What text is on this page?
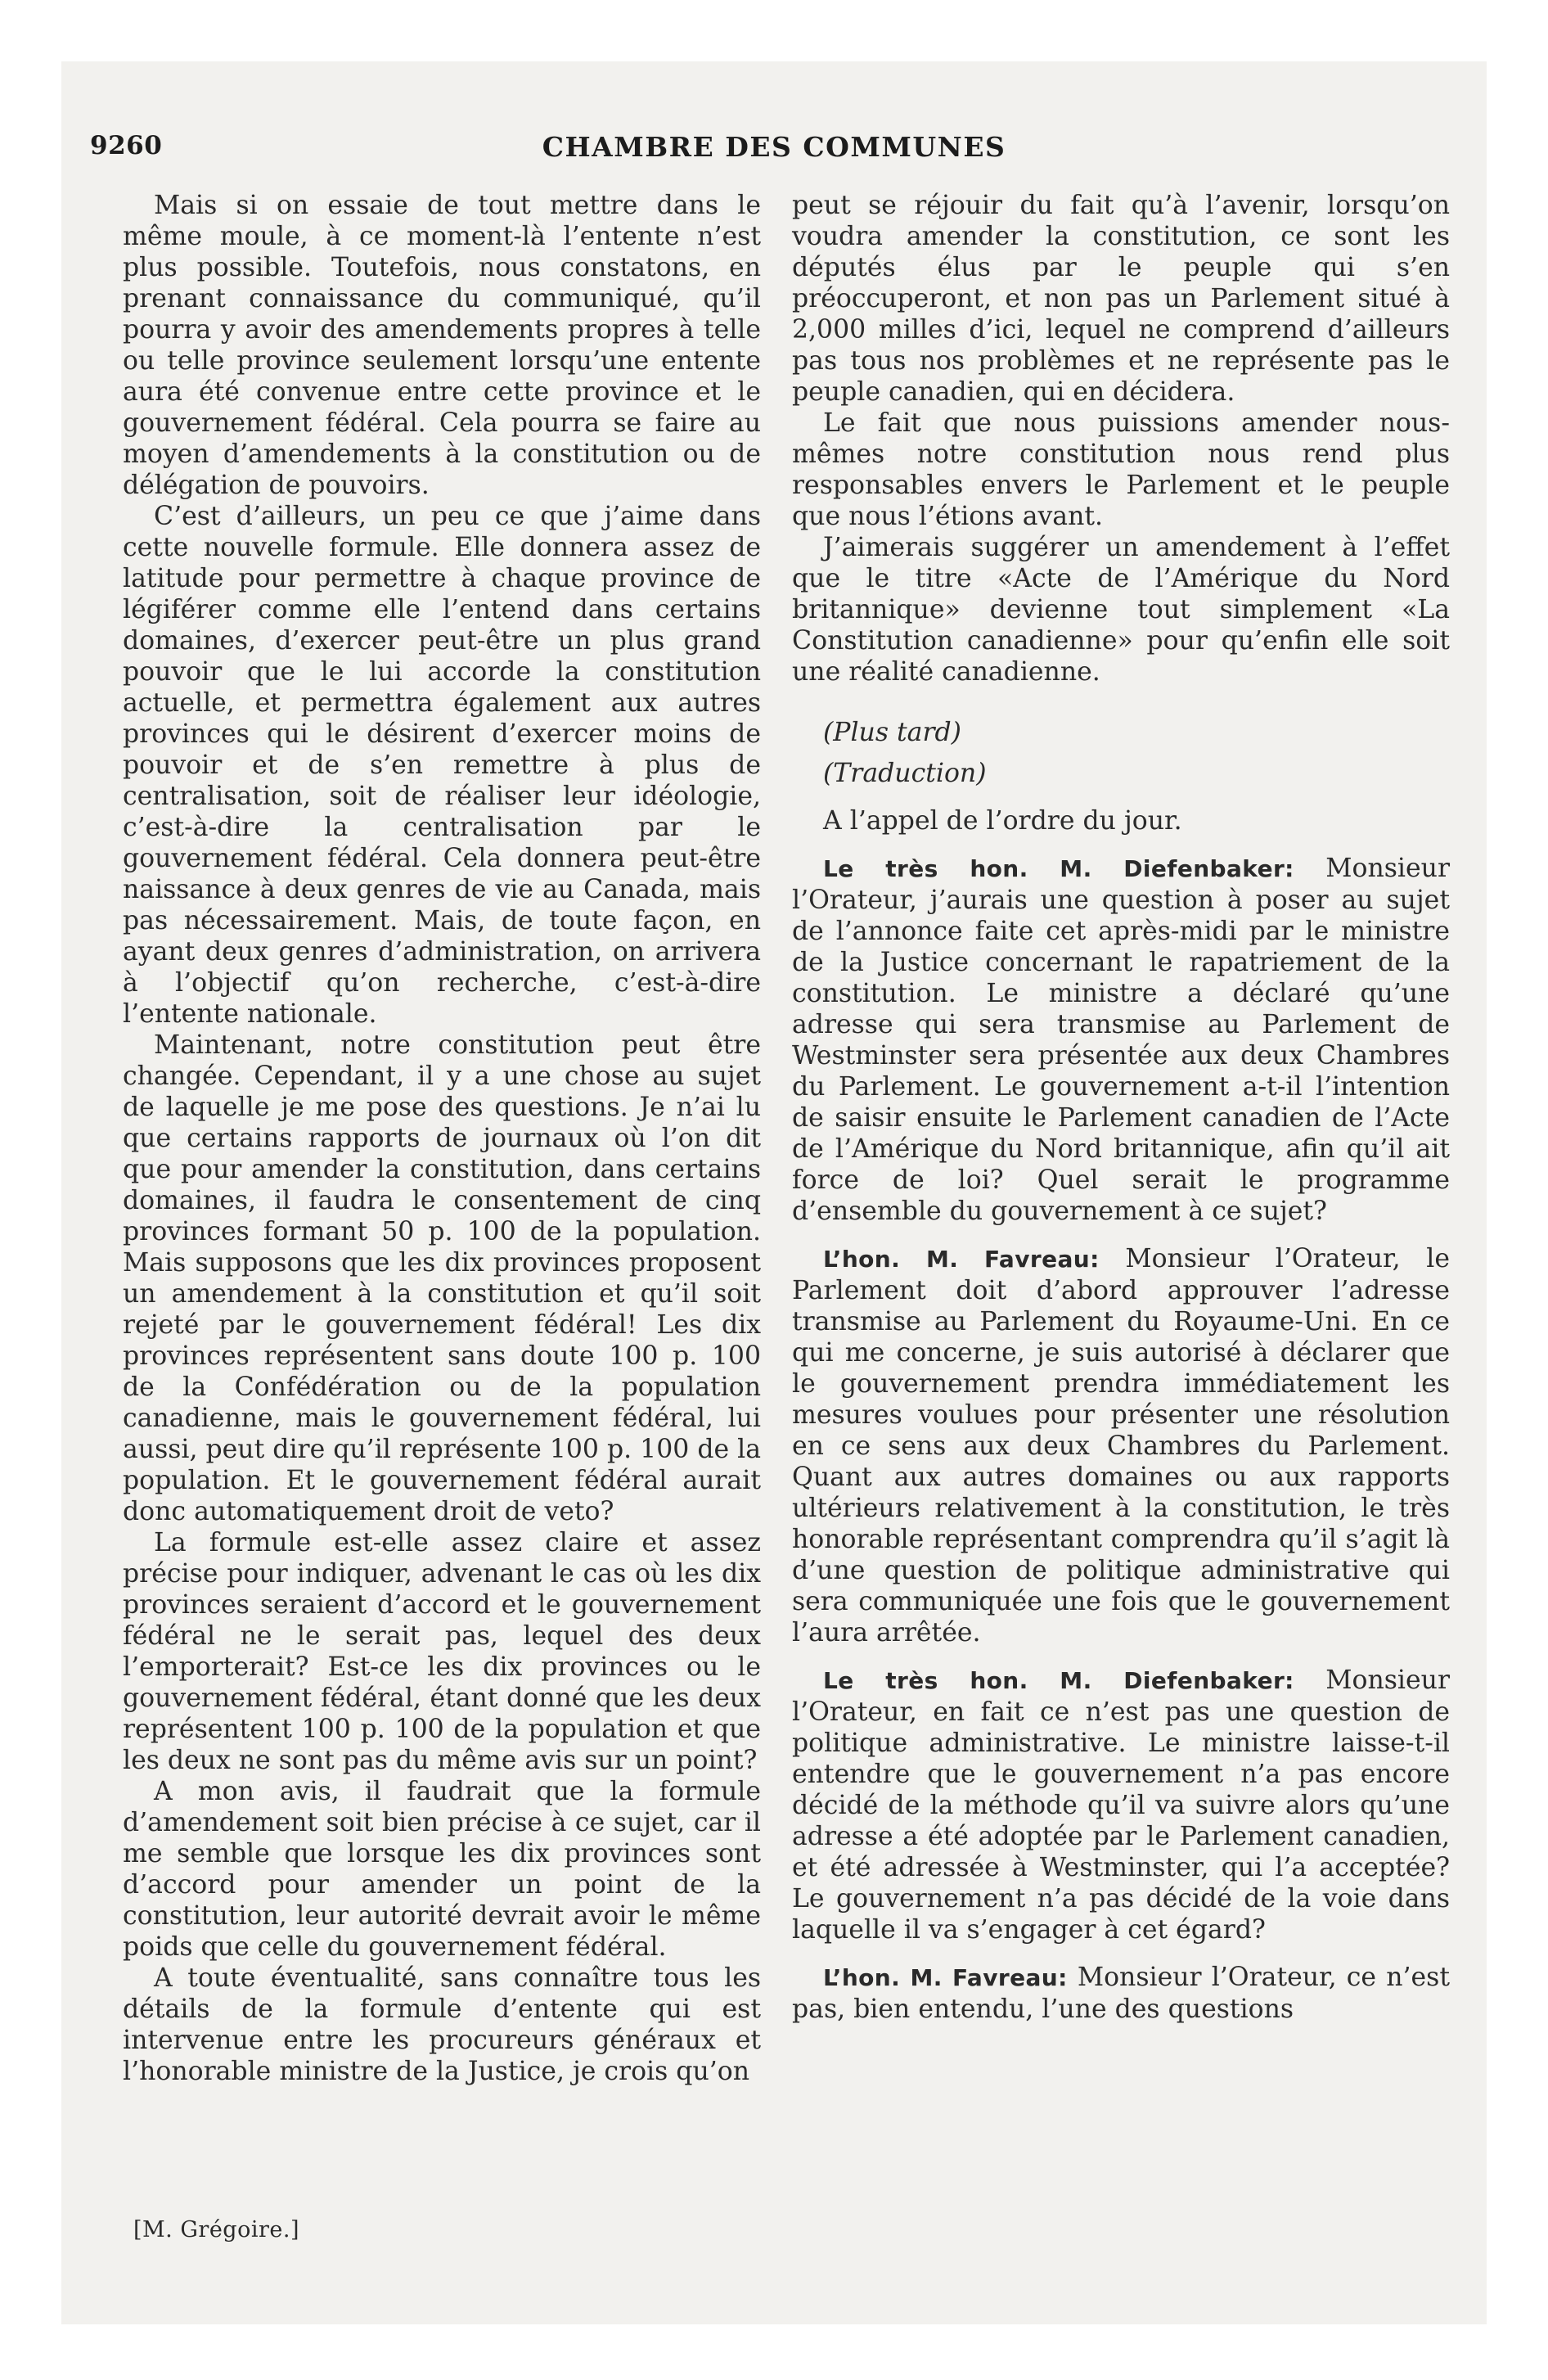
9260	CHAMBRE DES COMMUNES

Mais si on essaie de tout mettre dans le même moule, à ce moment-là l’entente n’est plus possible. Toutefois, nous constatons, en prenant connaissance du communiqué, qu’il pourra y avoir des amendements propres à telle ou telle province seulement lorsqu’une entente aura été convenue entre cette province et le gouvernement fédéral. Cela pourra se faire au moyen d’amendements à la constitution ou de délégation de pouvoirs.

C’est d’ailleurs, un peu ce que j’aime dans cette nouvelle formule. Elle donnera assez de latitude pour permettre à chaque province de légiférer comme elle l’entend dans certains domaines, d’exercer peut-être un plus grand pouvoir que le lui accorde la constitution actuelle, et permettra également aux autres provinces qui le désirent d’exercer moins de pouvoir et de s’en remettre à plus de centralisation, soit de réaliser leur idéologie, c’est-à-dire la centralisation par le gouvernement fédéral. Cela donnera peut-être naissance à deux genres de vie au Canada, mais pas nécessairement. Mais, de toute façon, en ayant deux genres d’administration, on arrivera à l’objectif qu’on recherche, c’est-à-dire l’entente nationale.

Maintenant, notre constitution peut être changée. Cependant, il y a une chose au sujet de laquelle je me pose des questions. Je n’ai lu que certains rapports de journaux où l’on dit que pour amender la constitution, dans certains domaines, il faudra le consentement de cinq provinces formant 50 p. 100 de la population. Mais supposons que les dix provinces proposent un amendement à la constitution et qu’il soit rejeté par le gouvernement fédéral! Les dix provinces représentent sans doute 100 p. 100 de la Confédération ou de la population canadienne, mais le gouvernement fédéral, lui aussi, peut dire qu’il représente 100 p. 100 de la population. Et le gouvernement fédéral aurait donc automatiquement droit de veto?

La formule est-elle assez claire et assez précise pour indiquer, advenant le cas où les dix provinces seraient d’accord et le gouvernement fédéral ne le serait pas, lequel des deux l’emporterait? Est-ce les dix provinces ou le gouvernement fédéral, étant donné que les deux représentent 100 p. 100 de la population et que les deux ne sont pas du même avis sur un point?

A mon avis, il faudrait que la formule d’amendement soit bien précise à ce sujet, car il me semble que lorsque les dix provinces sont d’accord pour amender un point de la constitution, leur autorité devrait avoir le même poids que celle du gouvernement fédéral.

A toute éventualité, sans connaître tous les détails de la formule d’entente qui est intervenue entre les procureurs généraux et l’honorable ministre de la Justice, je crois qu’on

[M. Grégoire.]

peut se réjouir du fait qu’à l’avenir, lorsqu’on voudra amender la constitution, ce sont les députés élus par le peuple qui s’en préoccuperont, et non pas un Parlement situé à 2,000 milles d’ici, lequel ne comprend d’ailleurs pas tous nos problèmes et ne représente pas le peuple canadien, qui en décidera.

Le fait que nous puissions amender nous-mêmes notre constitution nous rend plus responsables envers le Parlement et le peuple que nous l’étions avant.

J’aimerais suggérer un amendement à l’effet que le titre «Acte de l’Amérique du Nord britannique» devienne tout simplement «La Constitution canadienne» pour qu’enfin elle soit une réalité canadienne.

(Plus tard)

(Traduction)

A l’appel de l’ordre du jour.

Le très hon. M. Diefenbaker: Monsieur l’Orateur, j’aurais une question à poser au sujet de l’annonce faite cet après-midi par le ministre de la Justice concernant le rapatriement de la constitution. Le ministre a déclaré qu’une adresse qui sera transmise au Parlement de Westminster sera présentée aux deux Chambres du Parlement. Le gouvernement a-t-il l’intention de saisir ensuite le Parlement canadien de l’Acte de l’Amérique du Nord britannique, afin qu’il ait force de loi? Quel serait le programme d’ensemble du gouvernement à ce sujet?

L’hon. M. Favreau: Monsieur l’Orateur, le Parlement doit d’abord approuver l’adresse transmise au Parlement du Royaume-Uni. En ce qui me concerne, je suis autorisé à déclarer que le gouvernement prendra immédiatement les mesures voulues pour présenter une résolution en ce sens aux deux Chambres du Parlement. Quant aux autres domaines ou aux rapports ultérieurs relativement à la constitution, le très honorable représentant comprendra qu’il s’agit là d’une question de politique administrative qui sera communiquée une fois que le gouvernement l’aura arrêtée.

Le très hon. M. Diefenbaker: Monsieur l’Orateur, en fait ce n’est pas une question de politique administrative. Le ministre laisse-t-il entendre que le gouvernement n’a pas encore décidé de la méthode qu’il va suivre alors qu’une adresse a été adoptée par le Parlement canadien, et été adressée à Westminster, qui l’a acceptée? Le gouvernement n’a pas décidé de la voie dans laquelle il va s’engager à cet égard?

L’hon. M. Favreau: Monsieur l’Orateur, ce n’est pas, bien entendu, l’une des questions
